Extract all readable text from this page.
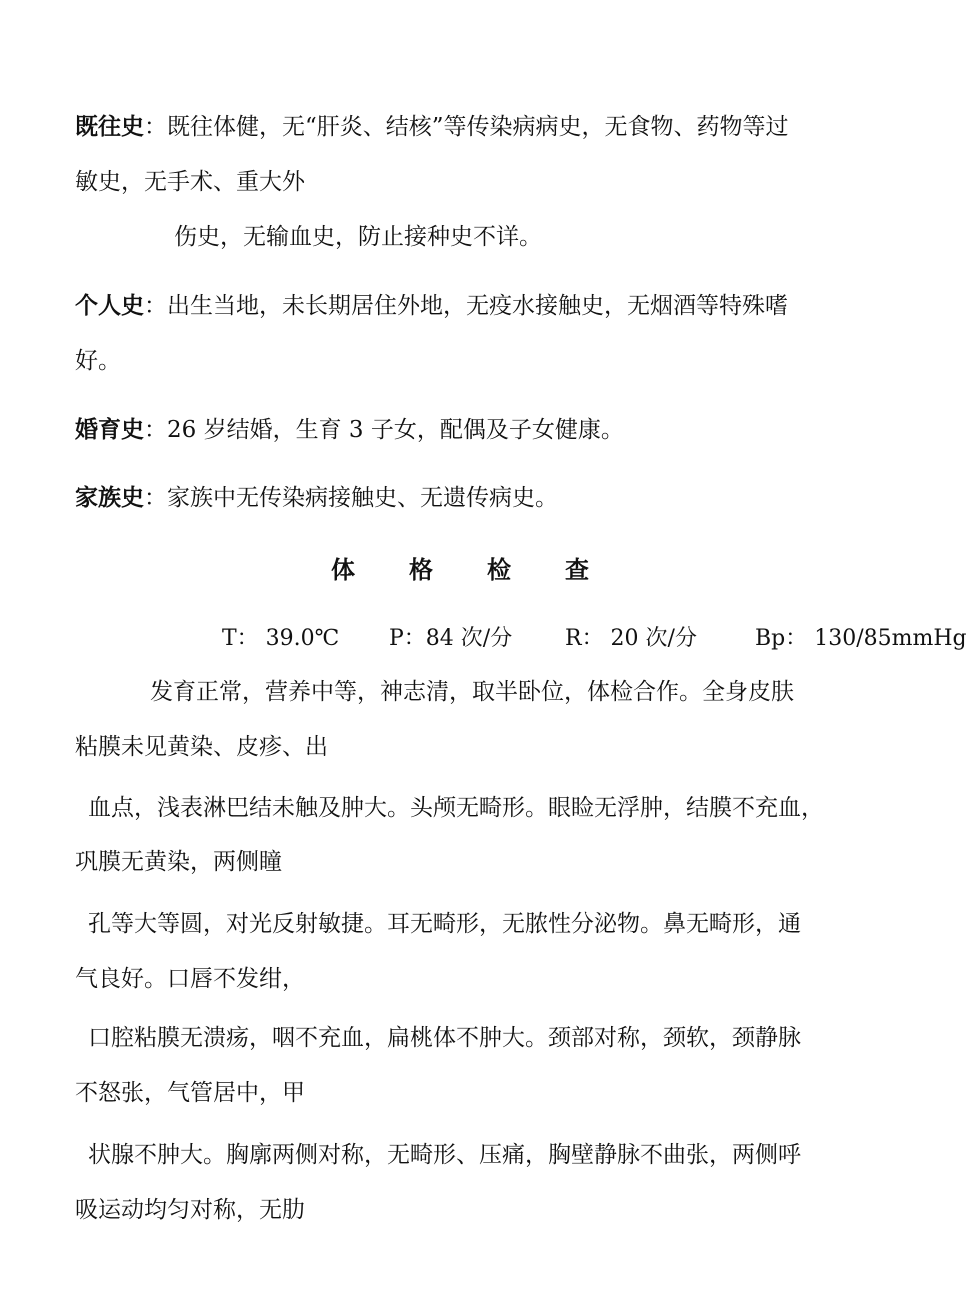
既往史：既往体健，无“肝炎、结核”等传染病病史，无食物、药物等过
敏史，无手术、重大外
伤史，无输血史，防止接种史不详。
个人史：出生当地，未长期居住外地，无疫水接触史，无烟酒等特殊嗜
好。
婚育史：26 岁结婚，生育 3 子女，配偶及子女健康。
家族史：家族中无传染病接触史、无遗传病史。
体 格 检 查
T： 39.0℃ P：84 次/分 R： 20 次/分	Bp： 130/85mmHg
发育正常，营养中等，神志清，取半卧位，体检合作。全身皮肤
粘膜未见黄染、皮疹、出
血点，浅表淋巴结未触及肿大。头颅无畸形。眼睑无浮肿，结膜不充血，
巩膜无黄染，两侧瞳
孔等大等圆，对光反射敏捷。耳无畸形，无脓性分泌物。鼻无畸形，通
气良好。口唇不发绀，
口腔粘膜无溃疡，咽不充血，扁桃体不肿大。颈部对称，颈软，颈静脉
不怒张，气管居中，甲
状腺不肿大。胸廓两侧对称，无畸形、压痛，胸壁静脉不曲张，两侧呼
吸运动均匀对称，无肋
